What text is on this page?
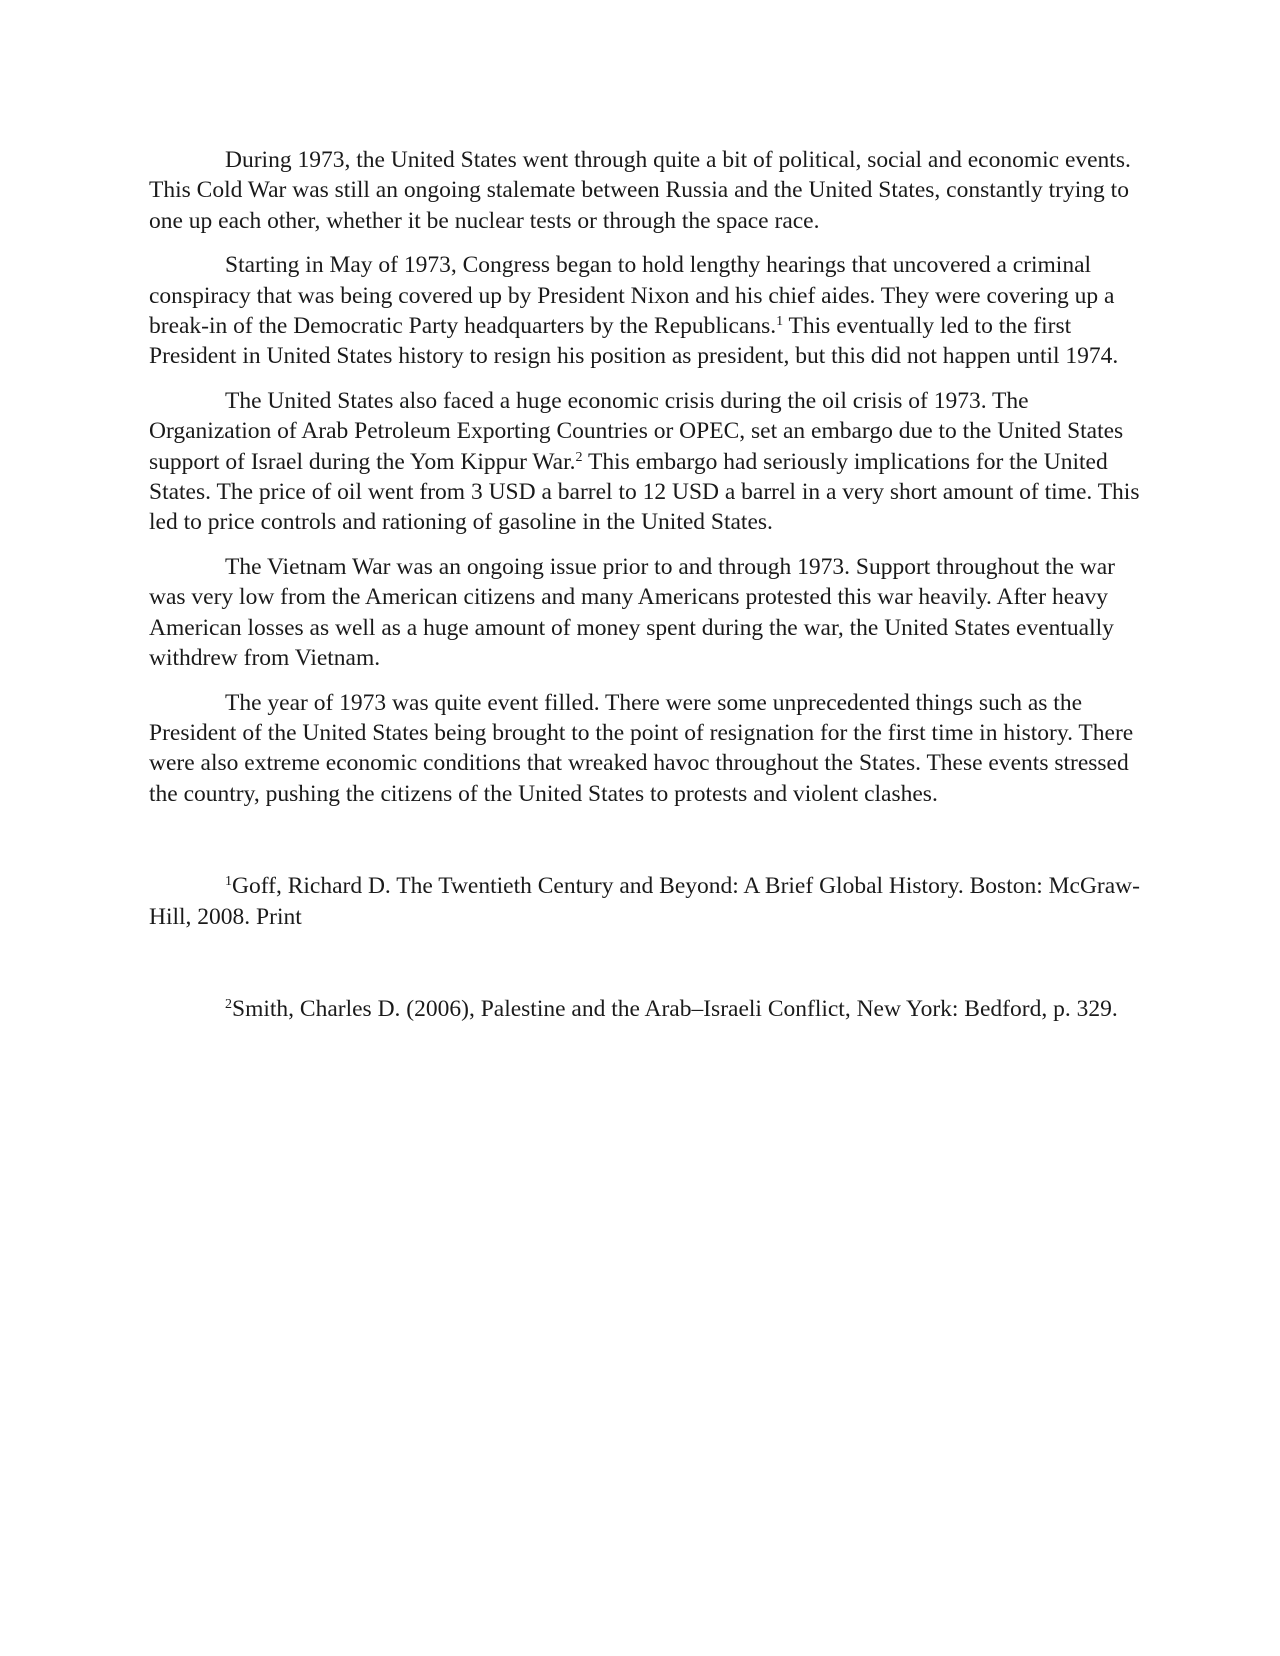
During 1973, the United States went through quite a bit of political, social and economic events. This Cold War was still an ongoing stalemate between Russia and the United States, constantly trying to one up each other, whether it be nuclear tests or through the space race.

Starting in May of 1973, Congress began to hold lengthy hearings that uncovered a criminal conspiracy that was being covered up by President Nixon and his chief aides. They were covering up a break-in of the Democratic Party headquarters by the Republicans.$^1$ This eventually led to the first President in United States history to resign his position as president, but this did not happen until 1974.

The United States also faced a huge economic crisis during the oil crisis of 1973. The Organization of Arab Petroleum Exporting Countries or OPEC, set an embargo due to the United States support of Israel during the Yom Kippur War.$^2$ This embargo had seriously implications for the United States. The price of oil went from 3 USD a barrel to 12 USD a barrel in a very short amount of time. This led to price controls and rationing of gasoline in the United States.

The Vietnam War was an ongoing issue prior to and through 1973. Support throughout the war was very low from the American citizens and many Americans protested this war heavily. After heavy American losses as well as a huge amount of money spent during the war, the United States eventually withdrew from Vietnam.

The year of 1973 was quite event filled. There were some unprecedented things such as the President of the United States being brought to the point of resignation for the first time in history. There were also extreme economic conditions that wreaked havoc throughout the States. These events stressed the country, pushing the citizens of the United States to protests and violent clashes.

$^1$Goff, Richard D. The Twentieth Century and Beyond: A Brief Global History. Boston: McGraw-Hill, 2008. Print

$^2$Smith, Charles D. (2006), Palestine and the Arab–Israeli Conflict, New York: Bedford, p. 329.
